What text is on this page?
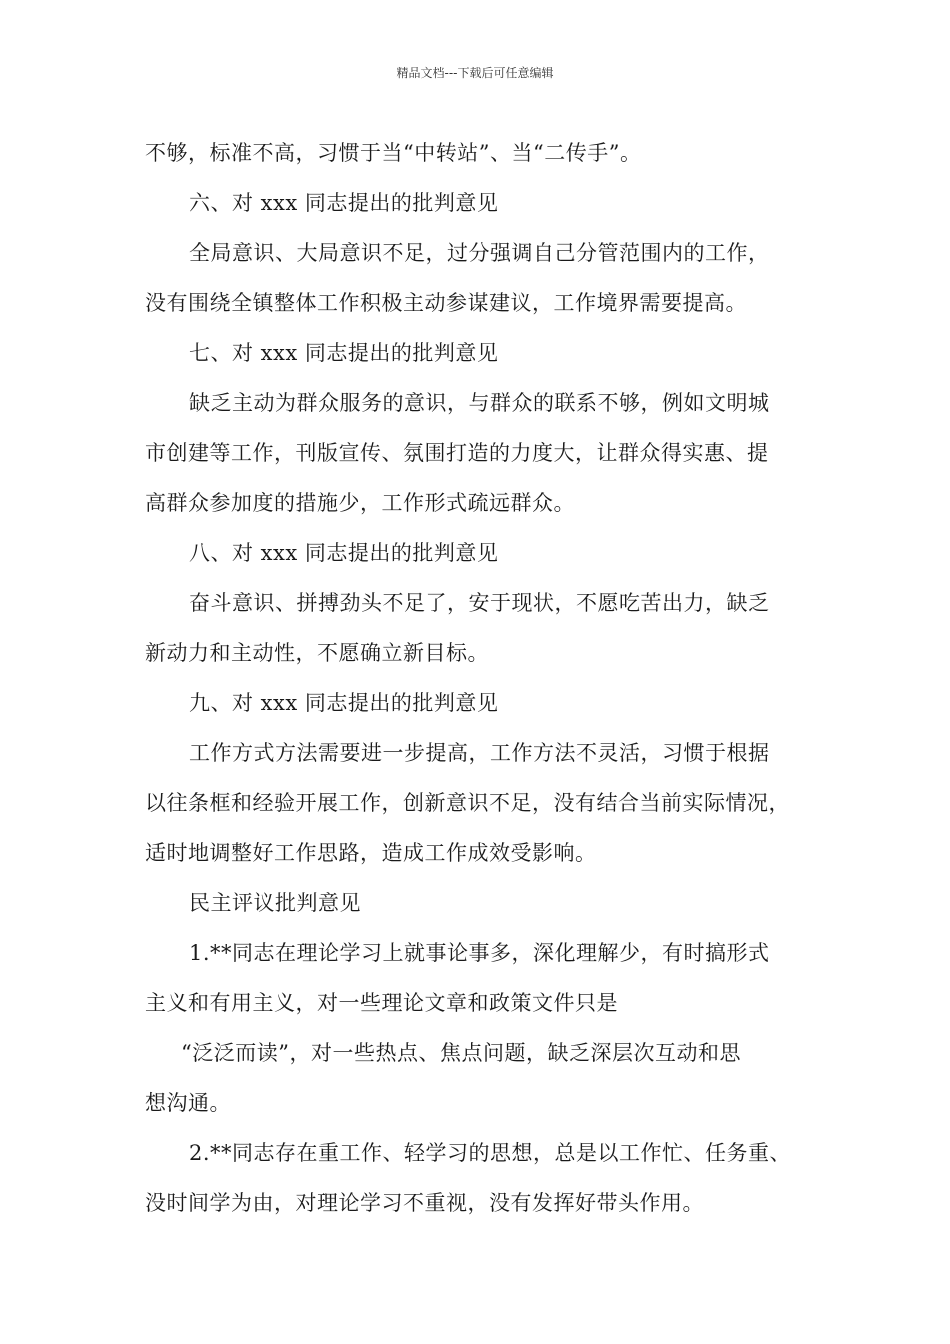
精品文档---下载后可任意编辑
不够，标准不高，习惯于当“中转站”、当“二传手”。
六、对 xxx 同志提出的批判意见
全局意识、大局意识不足，过分强调自己分管范围内的工作，
没有围绕全镇整体工作积极主动参谋建议，工作境界需要提高。
七、对 xxx 同志提出的批判意见
缺乏主动为群众服务的意识，与群众的联系不够，例如文明城
市创建等工作，刊版宣传、氛围打造的力度大，让群众得实惠、提
高群众参加度的措施少，工作形式疏远群众。
八、对 xxx 同志提出的批判意见
奋斗意识、拼搏劲头不足了，安于现状，不愿吃苦出力，缺乏
新动力和主动性，不愿确立新目标。
九、对 xxx 同志提出的批判意见
工作方式方法需要进一步提高，工作方法不灵活，习惯于根据
以往条框和经验开展工作，创新意识不足，没有结合当前实际情况，
适时地调整好工作思路，造成工作成效受影响。
民主评议批判意见
1.**同志在理论学习上就事论事多，深化理解少，有时搞形式
主义和有用主义，对一些理论文章和政策文件只是
“泛泛而读”，对一些热点、焦点问题，缺乏深层次互动和思
想沟通。
2.**同志存在重工作、轻学习的思想，总是以工作忙、任务重、
没时间学为由，对理论学习不重视，没有发挥好带头作用。
